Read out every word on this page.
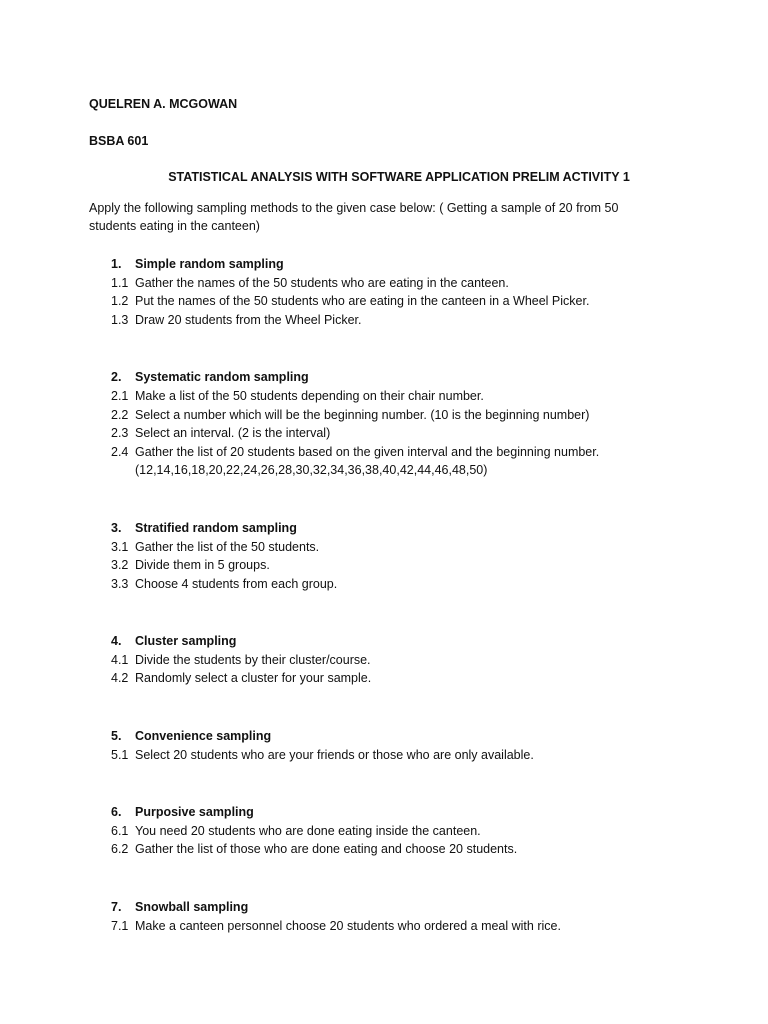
QUELREN A. MCGOWAN

BSBA 601

STATISTICAL ANALYSIS WITH SOFTWARE APPLICATION PRELIM ACTIVITY 1

Apply the following sampling methods to the given case below: ( Getting a sample of 20 from 50

students eating in the canteen)

1.	Simple random sampling
1.1 Gather the names of the 50 students who are eating in the canteen.
1.2 Put the names of the 50 students who are eating in the canteen in a Wheel Picker.
1.3 Draw 20 students from the Wheel Picker.
2.	Systematic random sampling
2.1 Make a list of the 50 students depending on their chair number.
2.2 Select a number which will be the beginning number. (10 is the beginning number)
2.3 Select an interval. (2 is the interval)
2.4 Gather the list of 20 students based on the given interval and the beginning number.
(12,14,16,18,20,22,24,26,28,30,32,34,36,38,40,42,44,46,48,50)
3.	Stratified random sampling
3.1 Gather the list of the 50 students.
3.2 Divide them in 5 groups.
3.3 Choose 4 students from each group.
4.	Cluster sampling
4.1 Divide the students by their cluster/course.
4.2 Randomly select a cluster for your sample.
5.	Convenience sampling
5.1 Select 20 students who are your friends or those who are only available.
6.	Purposive sampling
6.1 You need 20 students who are done eating inside the canteen.
6.2 Gather the list of those who are done eating and choose 20 students.
7.	Snowball sampling
7.1 Make a canteen personnel choose 20 students who ordered a meal with rice.
